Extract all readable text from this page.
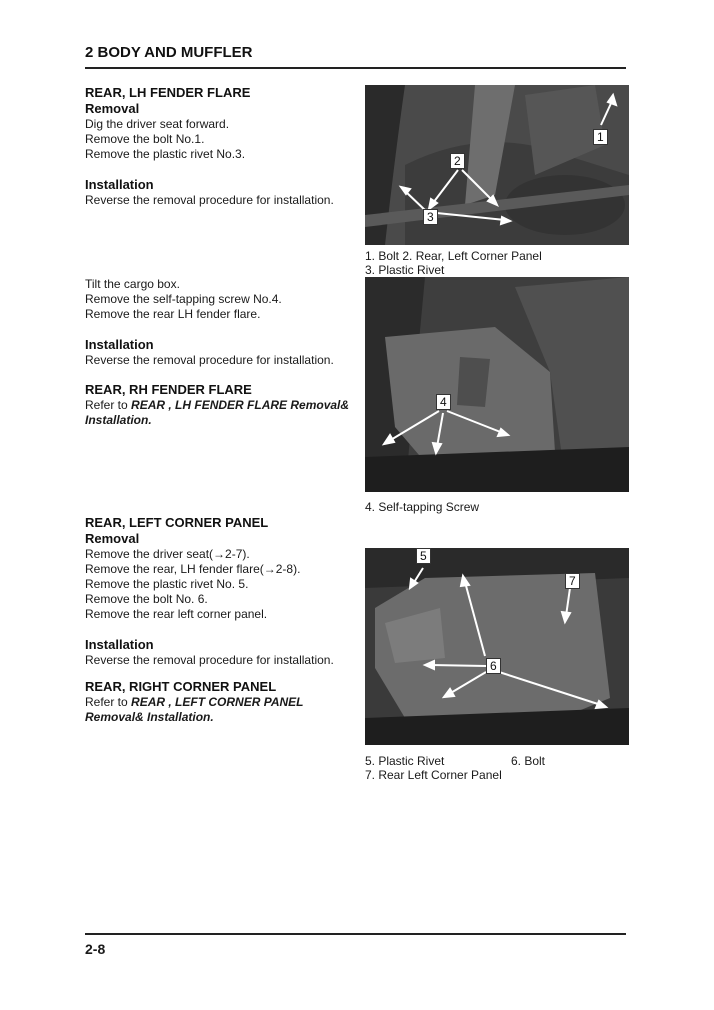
2 BODY AND MUFFLER
REAR, LH FENDER FLARE
Removal

Dig the driver seat forward.

Remove the bolt No.1.

Remove the plastic rivet No.3.

Installation

Reverse the removal procedure for installation.

Tilt the cargo box.

Remove the self-tapping screw No.4.

Remove the rear LH fender flare.

Installation

Reverse the removal procedure for installation.

REAR, RH FENDER FLARE
Refer to REAR , LH FENDER FLARE Removal&
Installation.
REAR, LEFT CORNER PANEL
Removal

Remove the driver seat(→2-7).

Remove the rear, LH fender flare(→2-8).

Remove the plastic rivet No. 5.

Remove the bolt No. 6.

Remove the rear left corner panel.

Installation

Reverse the removal procedure for installation.

REAR, RIGHT CORNER PANEL
Refer to REAR , LEFT CORNER PANEL
Removal& Installation.
1
2
3
1. Bolt 2. Rear, Left Corner Panel
3. Plastic Rivet
4
4. Self-tapping Screw
5
6
7
5. Plastic Rivet	6. Bolt
7. Rear Left Corner Panel
2-8
